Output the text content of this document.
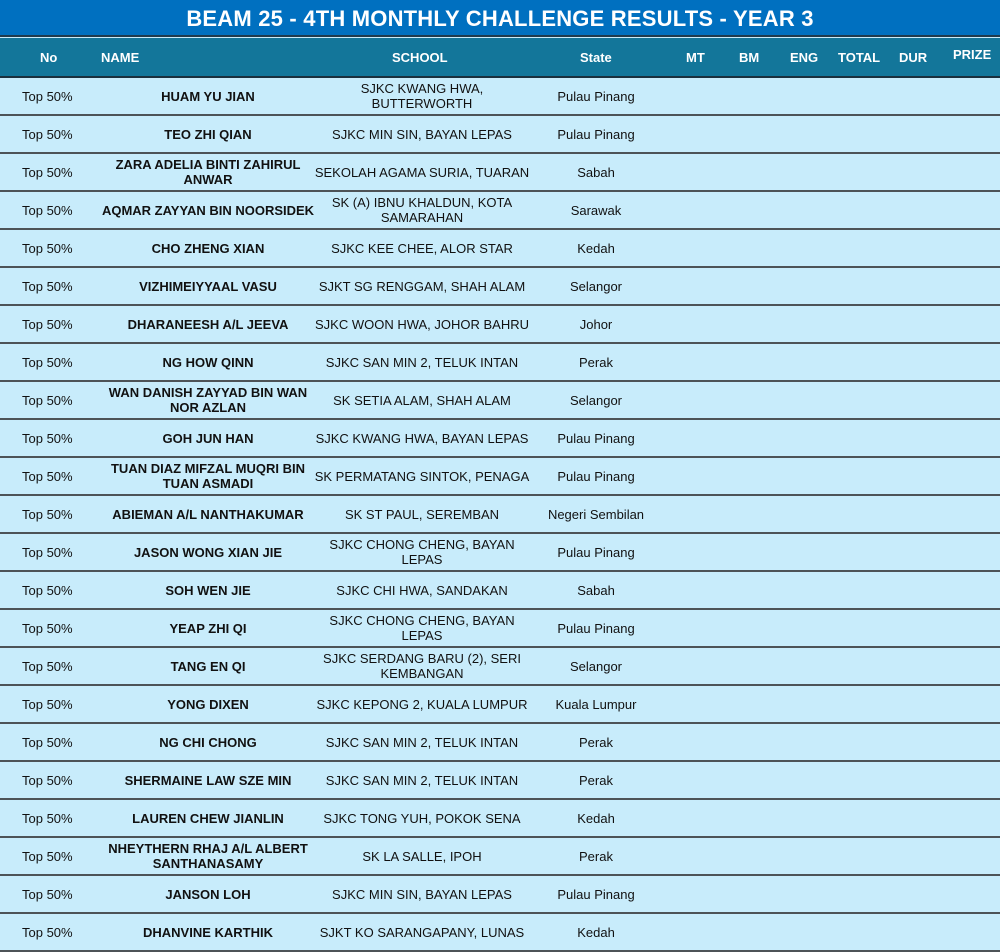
BEAM 25 - 4TH MONTHLY CHALLENGE RESULTS - YEAR 3
No	NAME	SCHOOL	State	MT	BM ENG TOTAL DUR PRIZE
Top 50%	HUAM YU JIAN	SJKC KWANG HWA, BUTTERWORTH	Pulau Pinang
Top 50%	TEO ZHI QIAN	SJKC MIN SIN, BAYAN LEPAS	Pulau Pinang
Top 50%	ZARA ADELIA BINTI ZAHIRUL ANWAR	SEKOLAH AGAMA SURIA, TUARAN	Sabah
Top 50%	AQMAR ZAYYAN BIN NOORSIDEK	SK (A) IBNU KHALDUN, KOTA SAMARAHAN	Sarawak
Top 50%	CHO ZHENG XIAN	SJKC KEE CHEE, ALOR STAR	Kedah
Top 50%	VIZHIMEIYYAAL VASU	SJKT SG RENGGAM, SHAH ALAM	Selangor
Top 50%	DHARANEESH A/L JEEVA	SJKC WOON HWA, JOHOR BAHRU	Johor
Top 50%	NG HOW QINN	SJKC SAN MIN 2, TELUK INTAN	Perak
Top 50%	WAN DANISH ZAYYAD BIN WAN NOR AZLAN	SK SETIA ALAM, SHAH ALAM	Selangor
Top 50%	GOH JUN HAN	SJKC KWANG HWA, BAYAN LEPAS	Pulau Pinang
Top 50%	TUAN DIAZ MIFZAL MUQRI BIN TUAN ASMADI	SK PERMATANG SINTOK, PENAGA	Pulau Pinang
Top 50%	ABIEMAN A/L NANTHAKUMAR	SK ST PAUL, SEREMBAN	Negeri Sembilan
Top 50%	JASON WONG XIAN JIE	SJKC CHONG CHENG, BAYAN LEPAS	Pulau Pinang
Top 50%	SOH WEN JIE	SJKC CHI HWA, SANDAKAN	Sabah
Top 50%	YEAP ZHI QI	SJKC CHONG CHENG, BAYAN LEPAS	Pulau Pinang
Top 50%	TANG EN QI	SJKC SERDANG BARU (2), SERI KEMBANGAN	Selangor
Top 50%	YONG DIXEN	SJKC KEPONG 2, KUALA LUMPUR	Kuala Lumpur
Top 50%	NG CHI CHONG	SJKC SAN MIN 2, TELUK INTAN	Perak
Top 50%	SHERMAINE LAW SZE MIN	SJKC SAN MIN 2, TELUK INTAN	Perak
Top 50%	LAUREN CHEW JIANLIN	SJKC TONG YUH, POKOK SENA	Kedah
Top 50%	NHEYTHERN RHAJ A/L ALBERT SANTHANASAMY	SK LA SALLE, IPOH	Perak
Top 50%	JANSON LOH	SJKC MIN SIN, BAYAN LEPAS	Pulau Pinang
Top 50%	DHANVINE KARTHIK	SJKT KO SARANGAPANY, LUNAS	Kedah
